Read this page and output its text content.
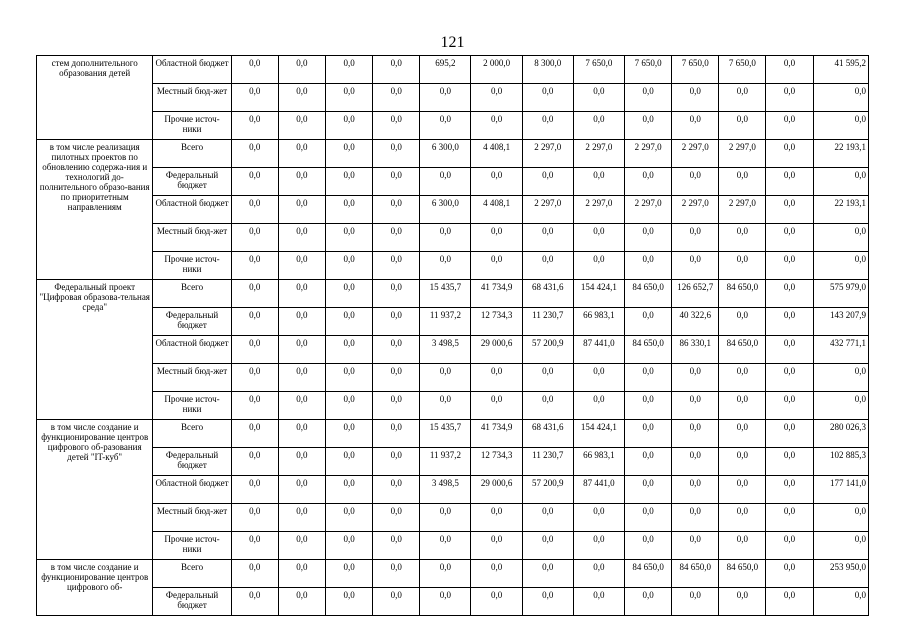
121
стем дополнительного образования детей	Областной бюджет	0,0	0,0	0,0	0,0	695,2	2 000,0	8 300,0	7 650,0	7 650,0	7 650,0	7 650,0	0,0	41 595,2
	Местный бюд-жет	0,0	0,0	0,0	0,0	0,0	0,0	0,0	0,0	0,0	0,0	0,0	0,0	0,0
	Прочие источ-ники	0,0	0,0	0,0	0,0	0,0	0,0	0,0	0,0	0,0	0,0	0,0	0,0	0,0
в том числе реализация пилотных проектов по обновлению содержа-ния и технологий до-полнительного образо-вания по приоритетным направлениям	Всего	0,0	0,0	0,0	0,0	6 300,0	4 408,1	2 297,0	2 297,0	2 297,0	2 297,0	2 297,0	0,0	22 193,1
	Федеральный бюджет	0,0	0,0	0,0	0,0	0,0	0,0	0,0	0,0	0,0	0,0	0,0	0,0	0,0
	Областной бюджет	0,0	0,0	0,0	0,0	6 300,0	4 408,1	2 297,0	2 297,0	2 297,0	2 297,0	2 297,0	0,0	22 193,1
	Местный бюд-жет	0,0	0,0	0,0	0,0	0,0	0,0	0,0	0,0	0,0	0,0	0,0	0,0	0,0
	Прочие источ-ники	0,0	0,0	0,0	0,0	0,0	0,0	0,0	0,0	0,0	0,0	0,0	0,0	0,0
Федеральный проект "Цифровая образова-тельная среда"	Всего	0,0	0,0	0,0	0,0	15 435,7	41 734,9	68 431,6	154 424,1	84 650,0	126 652,7	84 650,0	0,0	575 979,0
	Федеральный бюджет	0,0	0,0	0,0	0,0	11 937,2	12 734,3	11 230,7	66 983,1	0,0	40 322,6	0,0	0,0	143 207,9
	Областной бюджет	0,0	0,0	0,0	0,0	3 498,5	29 000,6	57 200,9	87 441,0	84 650,0	86 330,1	84 650,0	0,0	432 771,1
	Местный бюд-жет	0,0	0,0	0,0	0,0	0,0	0,0	0,0	0,0	0,0	0,0	0,0	0,0	0,0
	Прочие источ-ники	0,0	0,0	0,0	0,0	0,0	0,0	0,0	0,0	0,0	0,0	0,0	0,0	0,0
в том числе создание и функционирование центров цифрового об-разования детей "IT-куб"	Всего	0,0	0,0	0,0	0,0	15 435,7	41 734,9	68 431,6	154 424,1	0,0	0,0	0,0	0,0	280 026,3
	Федеральный бюджет	0,0	0,0	0,0	0,0	11 937,2	12 734,3	11 230,7	66 983,1	0,0	0,0	0,0	0,0	102 885,3
	Областной бюджет	0,0	0,0	0,0	0,0	3 498,5	29 000,6	57 200,9	87 441,0	0,0	0,0	0,0	0,0	177 141,0
	Местный бюд-жет	0,0	0,0	0,0	0,0	0,0	0,0	0,0	0,0	0,0	0,0	0,0	0,0	0,0
	Прочие источ-ники	0,0	0,0	0,0	0,0	0,0	0,0	0,0	0,0	0,0	0,0	0,0	0,0	0,0
в том числе создание и функционирование центров цифрового об-	Всего	0,0	0,0	0,0	0,0	0,0	0,0	0,0	0,0	84 650,0	84 650,0	84 650,0	0,0	253 950,0
	Федеральный бюджет	0,0	0,0	0,0	0,0	0,0	0,0	0,0	0,0	0,0	0,0	0,0	0,0	0,0
